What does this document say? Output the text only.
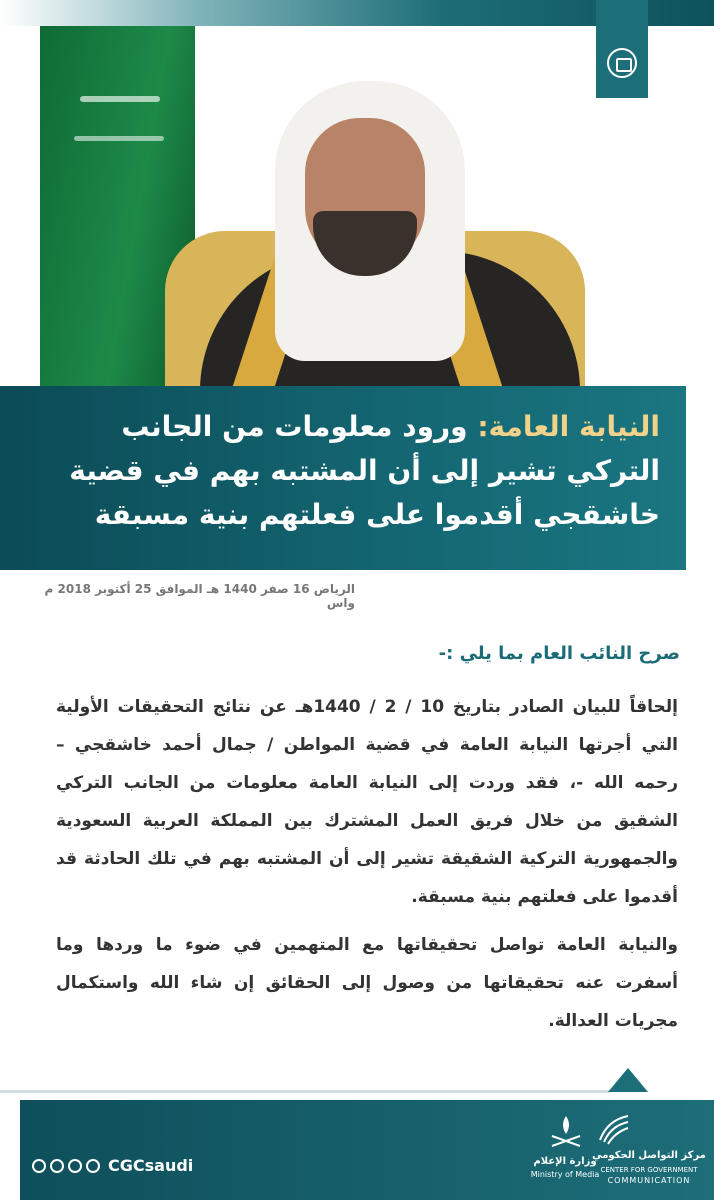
النيابة العامة: ورود معلومات من الجانب التركي تشير إلى أن المشتبه بهم في قضية خاشقجي أقدموا على فعلتهم بنية مسبقة

الرياض 16 صفر 1440 هـ الموافق 25 أكتوبر 2018 م واس

صرح النائب العام بما يلي :-

إلحاقاً للبيان الصادر بتاريخ 10 / 2 / 1440هـ عن نتائج التحقيقات الأولية التي أجرتها النيابة العامة في قضية المواطن / جمال أحمد خاشقجي – رحمه الله -، فقد وردت إلى النيابة العامة معلومات من الجانب التركي الشقيق من خلال فريق العمل المشترك بين المملكة العربية السعودية والجمهورية التركية الشقيقة تشير إلى أن المشتبه بهم في تلك الحادثة قد أقدموا على فعلتهم بنية مسبقة.

والنيابة العامة تواصل تحقيقاتها مع المتهمين في ضوء ما وردها وما أسفرت عنه تحقيقاتها من وصول إلى الحقائق إن شاء الله واستكمال مجريات العدالة.

CGCsaudi	وزارة الإعلام
Ministry of Media
مركز التواصل الحكومي
CENTER FOR GOVERNMENT
COMMUNICATION
